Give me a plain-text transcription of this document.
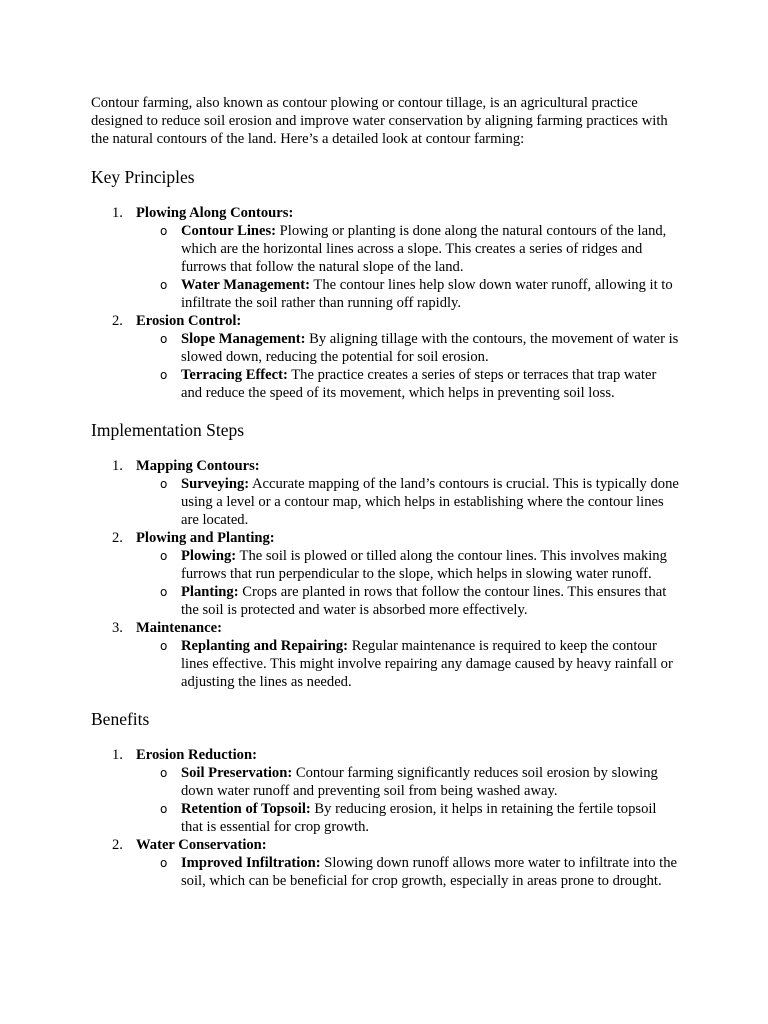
Contour farming, also known as contour plowing or contour tillage, is an agricultural practice designed to reduce soil erosion and improve water conservation by aligning farming practices with the natural contours of the land. Here’s a detailed look at contour farming:

Key Principles
1. Plowing Along Contours:
o Contour Lines: Plowing or planting is done along the natural contours of the land, which are the horizontal lines across a slope. This creates a series of ridges and furrows that follow the natural slope of the land.
o Water Management: The contour lines help slow down water runoff, allowing it to infiltrate the soil rather than running off rapidly.
2. Erosion Control:
o Slope Management: By aligning tillage with the contours, the movement of water is slowed down, reducing the potential for soil erosion.
o Terracing Effect: The practice creates a series of steps or terraces that trap water and reduce the speed of its movement, which helps in preventing soil loss.
Implementation Steps
1. Mapping Contours:
o Surveying: Accurate mapping of the land’s contours is crucial. This is typically done using a level or a contour map, which helps in establishing where the contour lines are located.
2. Plowing and Planting:
o Plowing: The soil is plowed or tilled along the contour lines. This involves making furrows that run perpendicular to the slope, which helps in slowing water runoff.
o Planting: Crops are planted in rows that follow the contour lines. This ensures that the soil is protected and water is absorbed more effectively.
3. Maintenance:
o Replanting and Repairing: Regular maintenance is required to keep the contour lines effective. This might involve repairing any damage caused by heavy rainfall or adjusting the lines as needed.
Benefits
1. Erosion Reduction:
o Soil Preservation: Contour farming significantly reduces soil erosion by slowing down water runoff and preventing soil from being washed away.
o Retention of Topsoil: By reducing erosion, it helps in retaining the fertile topsoil that is essential for crop growth.
2. Water Conservation:
o Improved Infiltration: Slowing down runoff allows more water to infiltrate into the soil, which can be beneficial for crop growth, especially in areas prone to drought.
